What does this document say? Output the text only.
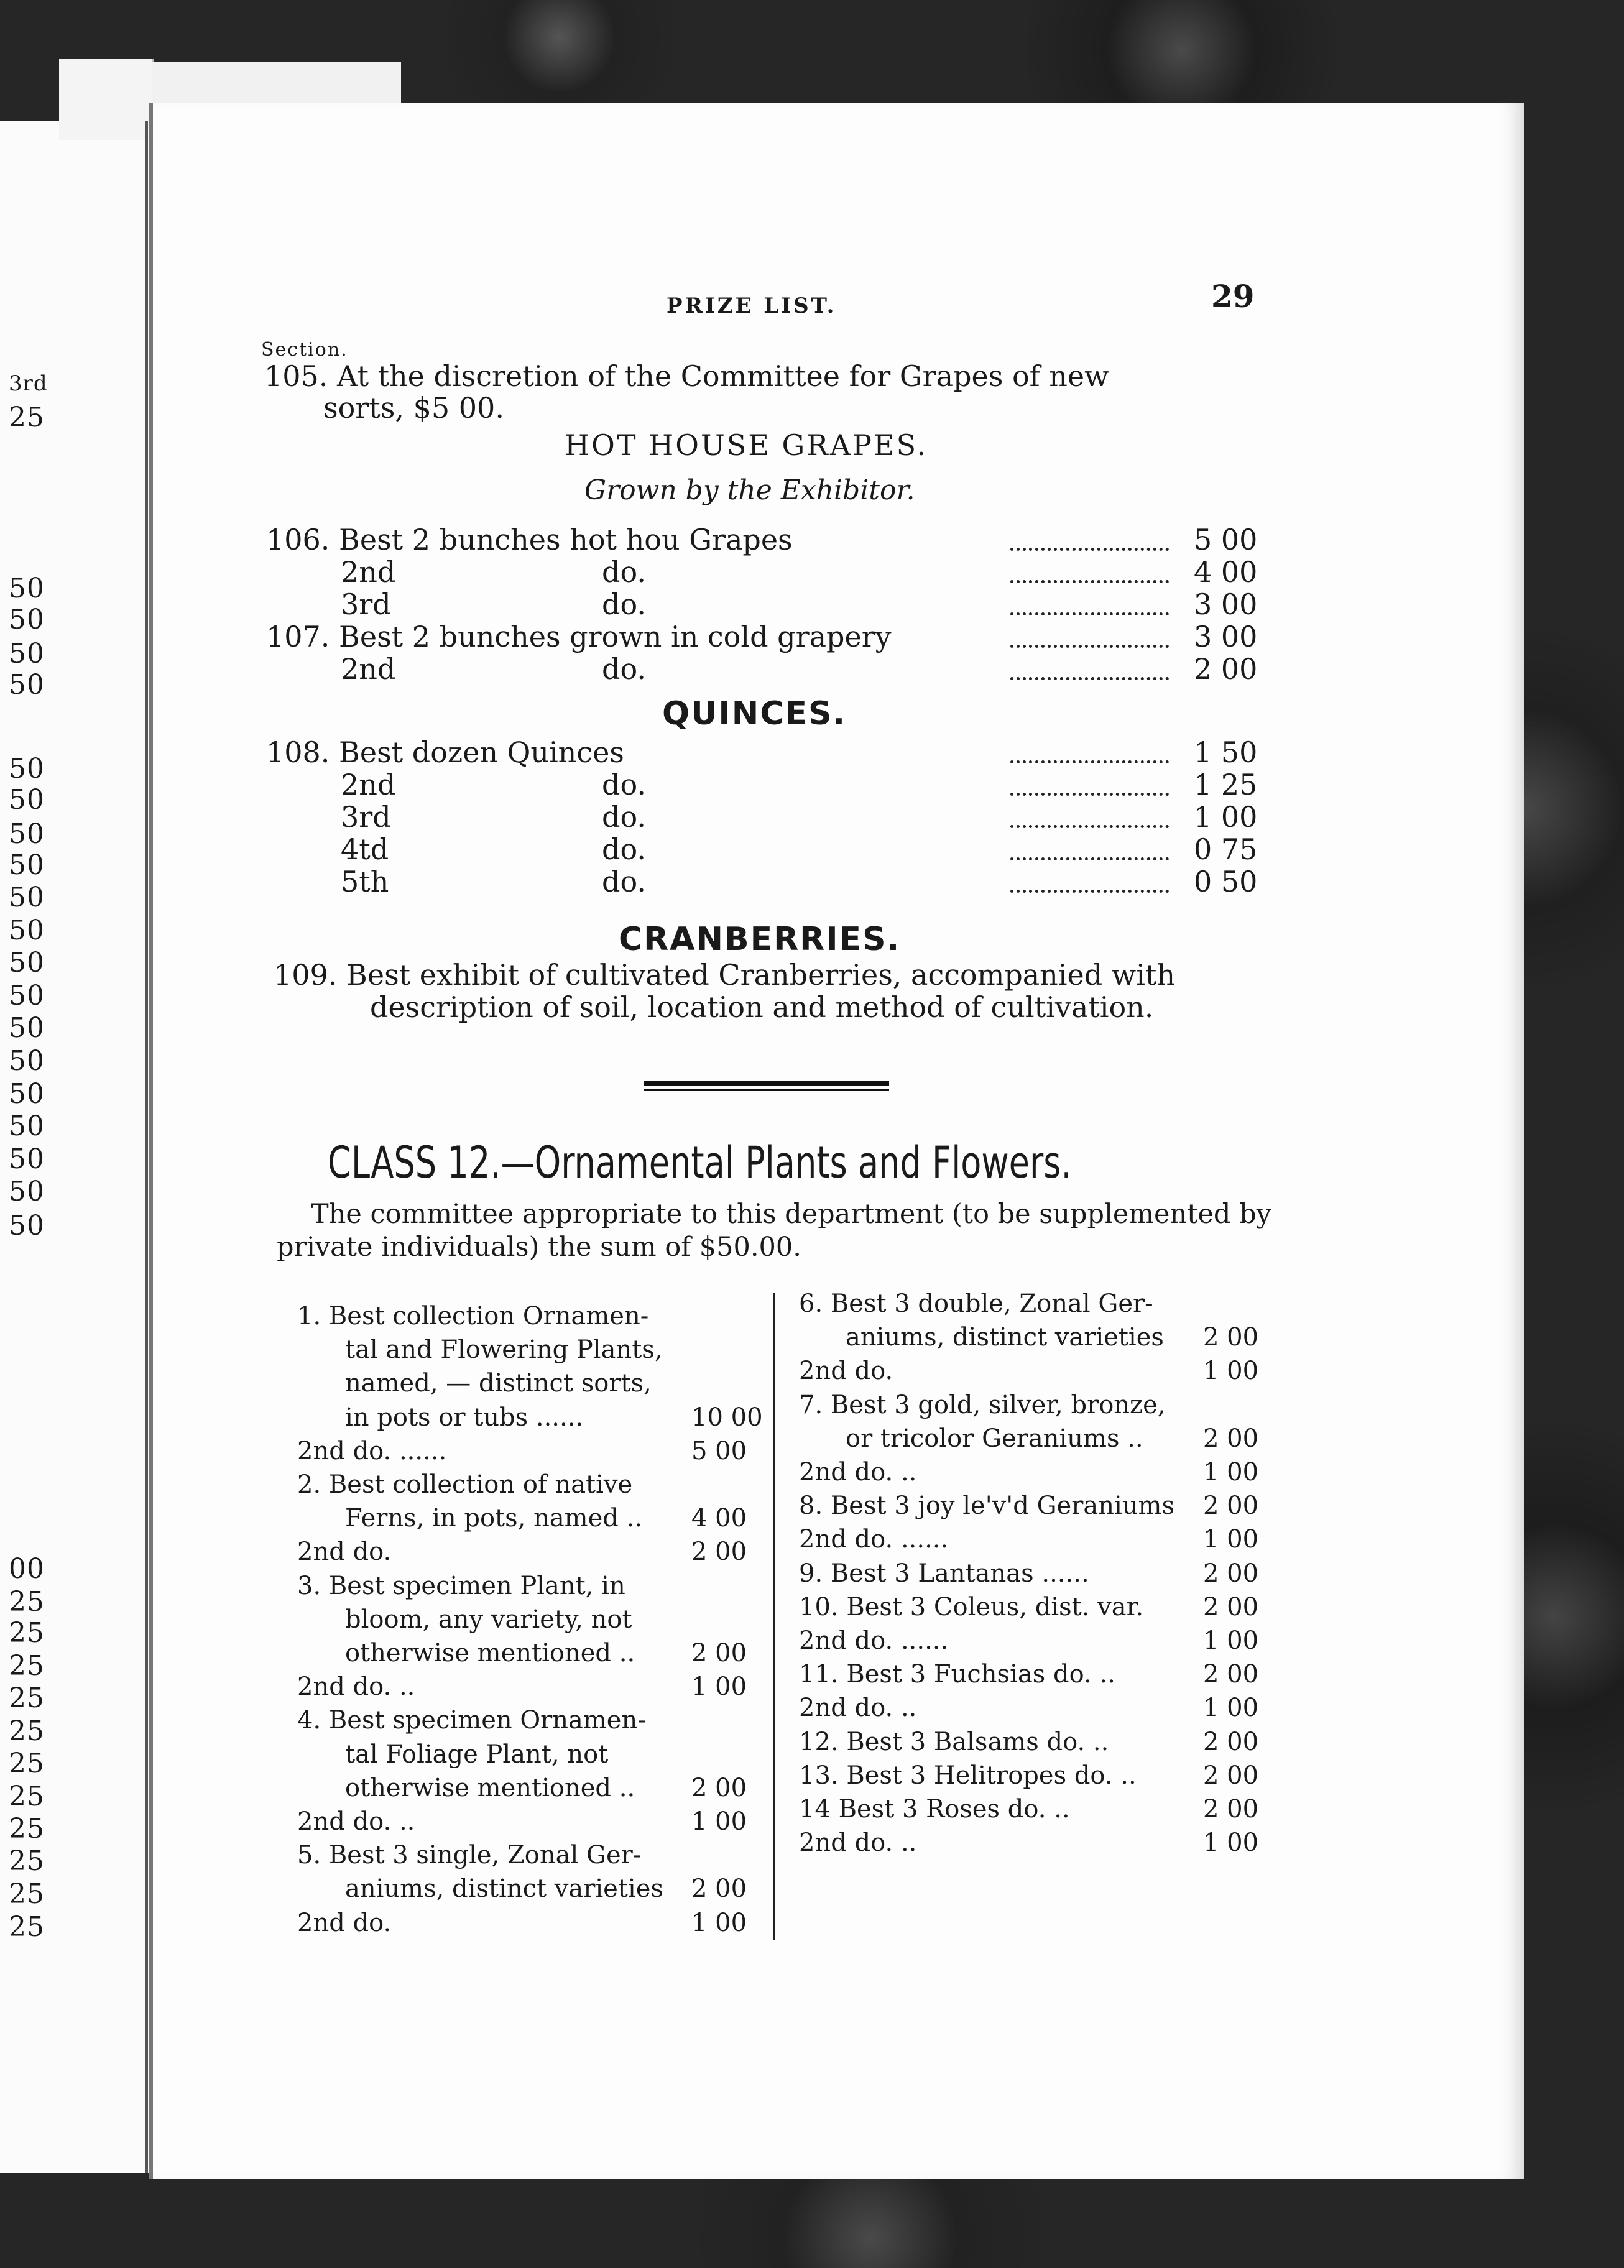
3rd
25
50
50
50
50
50
50
50
50
50
50
50
50
50
50
50
50
50
50
50
00
25
25
25
25
25
25
25
25
25
25
25
PRIZE LIST.	29
Section.
105. At the discretion of the Committee for Grapes of new
sorts, $5 00.
HOT HOUSE GRAPES.
Grown by the Exhibitor.
106. Best 2 bunches hot hou Grapes	5 00
2nd	do.	4 00
3rd	do.	3 00
107. Best 2 bunches grown in cold grapery	3 00
2nd	do.	2 00
QUINCES.
108. Best dozen Quinces	1 50
2nd	do.	1 25
3rd	do.	1 00
4td	do.	0 75
5th	do.	0 50
CRANBERRIES.
109. Best exhibit of cultivated Cranberries, accompanied with
description of soil, location and method of cultivation.
CLASS 12.—Ornamental Plants and Flowers.
The committee appropriate to this department (to be supplemented by
private individuals) the sum of $50.00.
1. Best collection Ornamen-
tal and Flowering Plants,
named, — distinct sorts,
in pots or tubs ......	10 00
2nd do. ......	5 00
2. Best collection of native
Ferns, in pots, named .. 4 00
2nd do.	2 00
3. Best specimen Plant, in
bloom, any variety, not
otherwise mentioned .. 2 00
2nd do. ..	1 00
4. Best specimen Ornamen-
tal Foliage Plant, not
otherwise mentioned .. 2 00
2nd do. ..	1 00
5. Best 3 single, Zonal Ger-
aniums, distinct varieties 2 00
2nd do.	1 00
6. Best 3 double, Zonal Ger-
aniums, distinct varieties 2 00
2nd do.	1 00
7. Best 3 gold, silver, bronze,
or tricolor Geraniums .. 2 00
2nd do. ..	1 00
8. Best 3 joy le'v'd Geraniums 2 00
2nd do. ......	1 00
9. Best 3 Lantanas ......	2 00
10. Best 3 Coleus, dist. var. 2 00
2nd do. ......	1 00
11. Best 3 Fuchsias do. ..	2 00
2nd do. ..	1 00
12. Best 3 Balsams do. ..	2 00
13. Best 3 Helitropes do. ..	2 00
14 Best 3 Roses do. ..	2 00
2nd do. ..	1 00
